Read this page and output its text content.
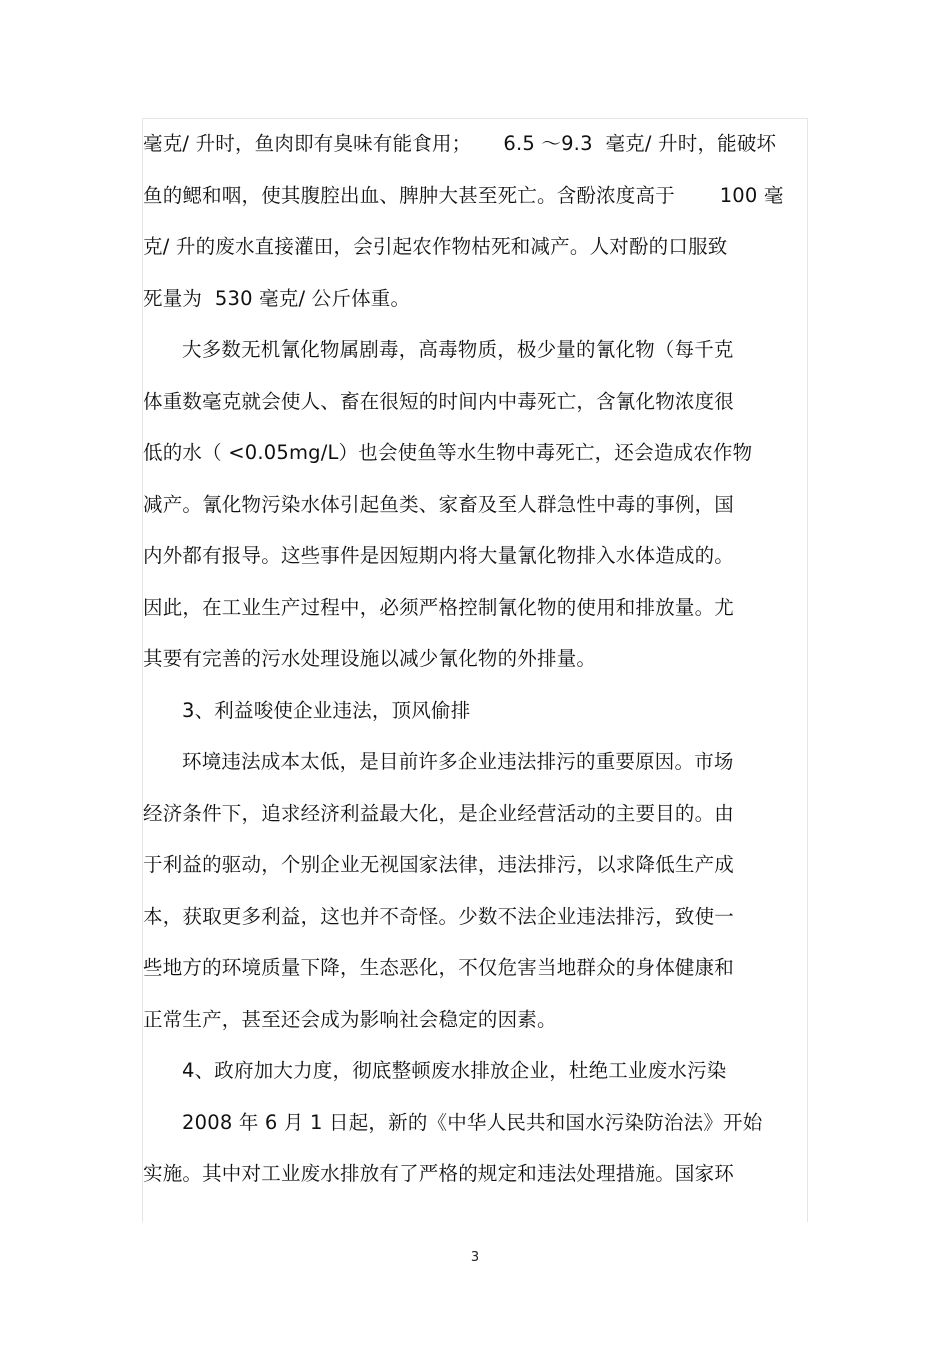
毫克/ 升时，鱼肉即有臭味有能食用；     6.5 ～9.3  毫克/ 升时，能破坏
鱼的鳃和咽，使其腹腔出血、脾肿大甚至死亡。含酚浓度高于       100 毫
克/ 升的废水直接灌田，会引起农作物枯死和减产。人对酚的口服致
死量为  530 毫克/ 公斤体重。
大多数无机氰化物属剧毒，高毒物质，极少量的氰化物（每千克
体重数毫克就会使人、畜在很短的时间内中毒死亡，含氰化物浓度很
低的水（ <0.05mg/L）也会使鱼等水生物中毒死亡，还会造成农作物
减产。氰化物污染水体引起鱼类、家畜及至人群急性中毒的事例，国
内外都有报导。这些事件是因短期内将大量氰化物排入水体造成的。
因此，在工业生产过程中，必须严格控制氰化物的使用和排放量。尤
其要有完善的污水处理设施以减少氰化物的外排量。
3、利益唆使企业违法，顶风偷排
环境违法成本太低，是目前许多企业违法排污的重要原因。市场
经济条件下，追求经济利益最大化，是企业经营活动的主要目的。由
于利益的驱动，个别企业无视国家法律，违法排污，以求降低生产成
本，获取更多利益，这也并不奇怪。少数不法企业违法排污，致使一
些地方的环境质量下降，生态恶化，不仅危害当地群众的身体健康和
正常生产，甚至还会成为影响社会稳定的因素。
4、政府加大力度，彻底整顿废水排放企业，杜绝工业废水污染
2008 年 6 月 1 日起，新的《中华人民共和国水污染防治法》开始
实施。其中对工业废水排放有了严格的规定和违法处理措施。国家环
3
